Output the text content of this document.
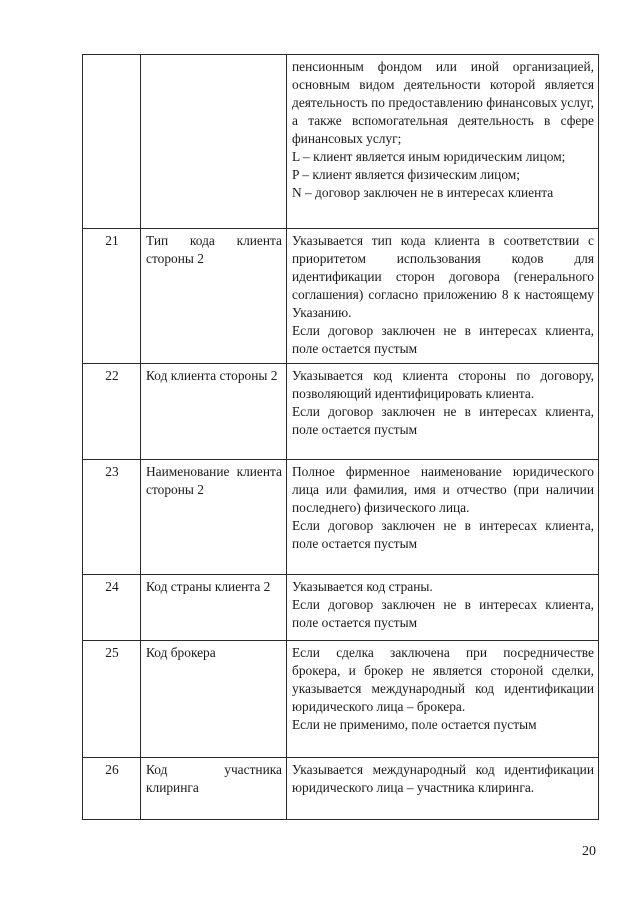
		пенсионным фондом или иной организацией, основным видом деятельности которой является деятельность по предоставлению финансовых услуг, а также вспомогательная деятельность в сфере финансовых услуг;
L – клиент является иным юридическим лицом;
P – клиент является физическим лицом;
N – договор заключен не в интересах клиента

21	Тип кода клиента стороны 2	Указывается тип кода клиента в соответствии с приоритетом использования кодов для идентификации сторон договора (генерального соглашения) согласно приложению 8 к настоящему Указанию.
Если договор заключен не в интересах клиента, поле остается пустым

22	Код клиента стороны 2	Указывается код клиента стороны по договору, позволяющий идентифицировать клиента.
Если договор заключен не в интересах клиента, поле остается пустым

23	Наименование клиента стороны 2	Полное фирменное наименование юридического лица или фамилия, имя и отчество (при наличии последнего) физического лица.
Если договор заключен не в интересах клиента, поле остается пустым

24	Код страны клиента 2	Указывается код страны.
Если договор заключен не в интересах клиента, поле остается пустым

25	Код брокера	Если сделка заключена при посредничестве брокера, и брокер не является стороной сделки, указывается международный код идентификации юридического лица – брокера.
Если не применимо, поле остается пустым

26	Код участника клиринга	Указывается международный код идентификации юридического лица – участника клиринга.
20
